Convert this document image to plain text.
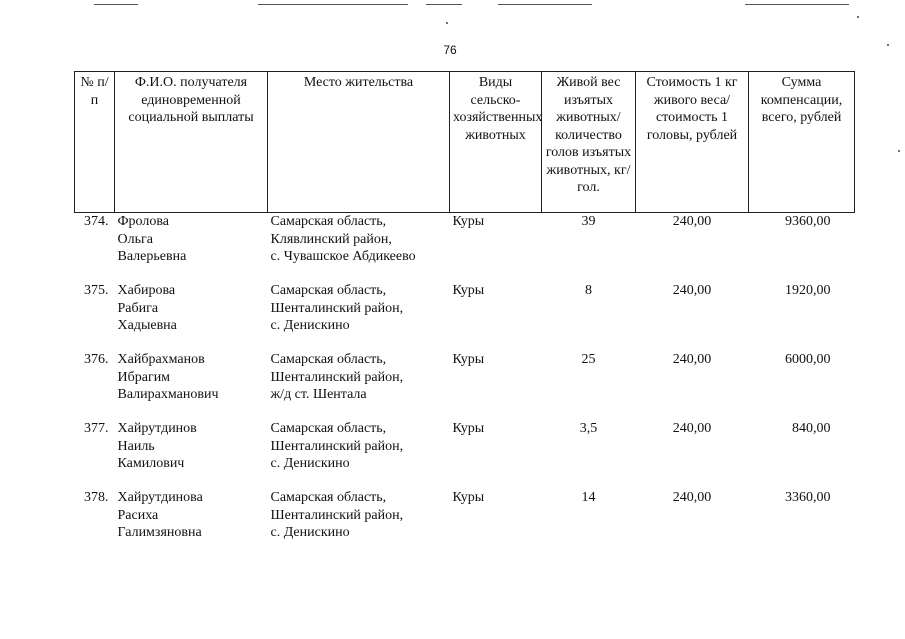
76
№ п/п	Ф.И.О. получателя единовременной социальной выплаты	Место жительства	Виды сельско-хозяйственных животных	Живой вес изъятых животных/ количество голов изъятых животных, кг/гол.	Стоимость 1 кг живого веса/стоимость 1 головы, рублей	Сумма компенсации, всего, рублей
374.	Фролова
Ольга
Валерьевна	Самарская область,
Клявлинский район,
с. Чувашское Абдикеево	Куры	39	240,00	9360,00
375.	Хабирова
Рабига
Хадыевна	Самарская область,
Шенталинский район,
с. Денискино	Куры	8	240,00	1920,00
376.	Хайбрахманов
Ибрагим
Валирахманович	Самарская область,
Шенталинский район,
ж/д ст. Шентала	Куры	25	240,00	6000,00
377.	Хайрутдинов
Наиль
Камилович	Самарская область,
Шенталинский район,
с. Денискино	Куры	3,5	240,00	840,00
378.	Хайрутдинова
Расиха
Галимзяновна	Самарская область,
Шенталинский район,
с. Денискино	Куры	14	240,00	3360,00
